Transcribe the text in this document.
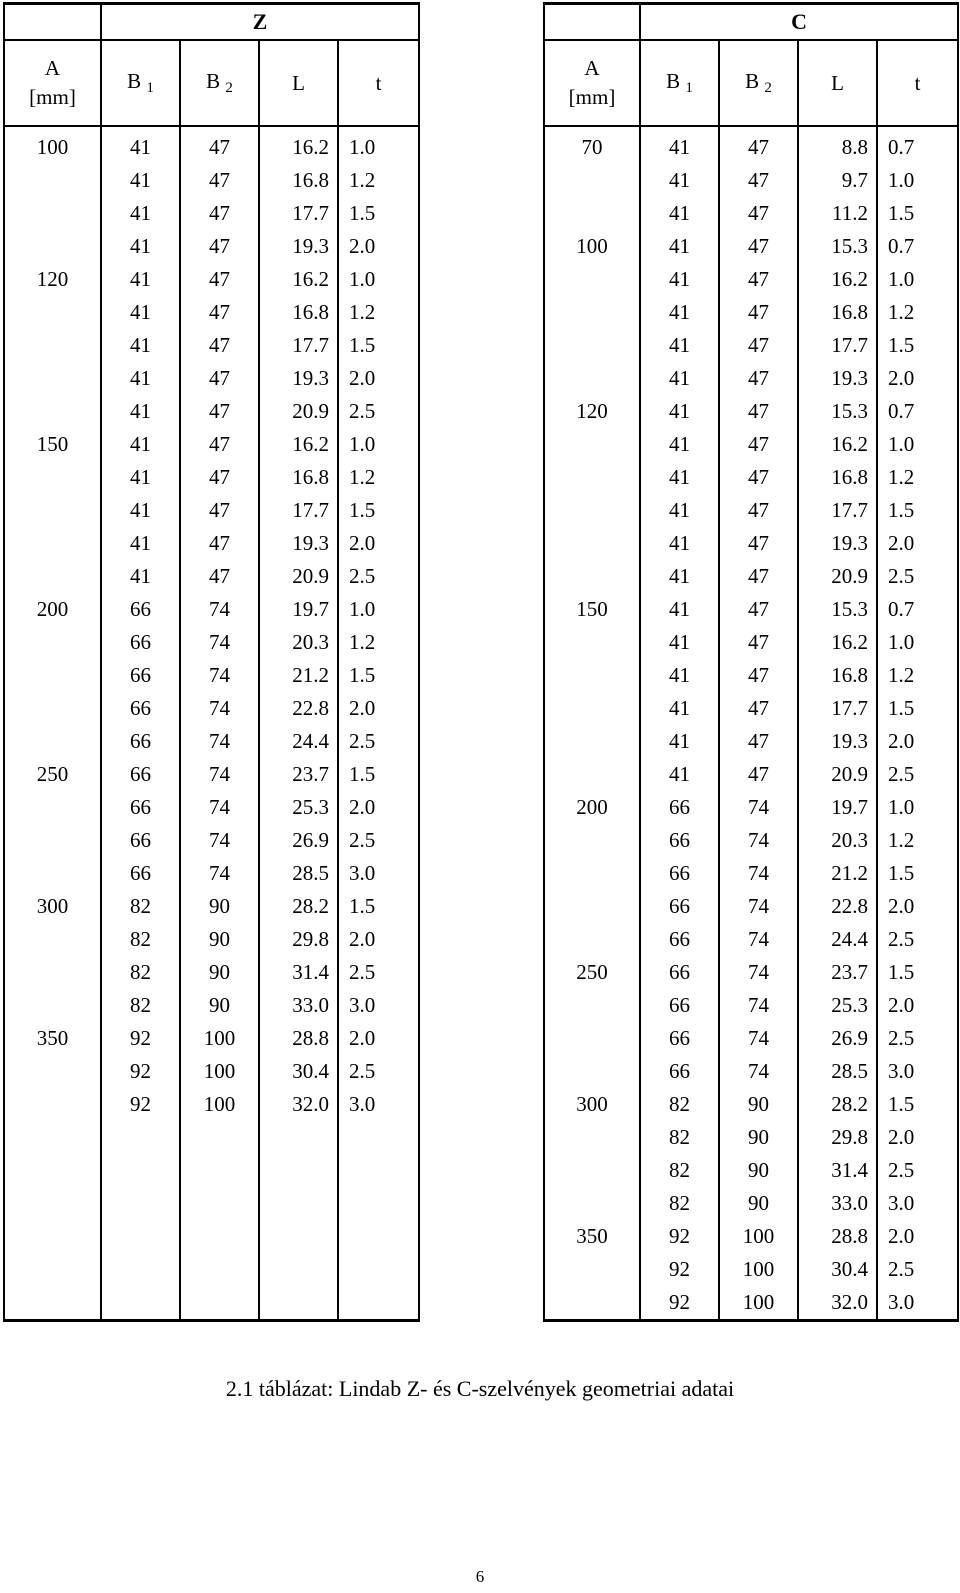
	Z			
A
[mm]	B $_1$	B $_2$	L	t

100	41	47	16.2	1.0
	41	47	16.8	1.2
	41	47	17.7	1.5
	41	47	19.3	2.0
120	41	47	16.2	1.0
	41	47	16.8	1.2
	41	47	17.7	1.5
	41	47	19.3	2.0
	41	47	20.9	2.5
150	41	47	16.2	1.0
	41	47	16.8	1.2
	41	47	17.7	1.5
	41	47	19.3	2.0
	41	47	20.9	2.5
200	66	74	19.7	1.0
	66	74	20.3	1.2
	66	74	21.2	1.5
	66	74	22.8	2.0
	66	74	24.4	2.5
250	66	74	23.7	1.5
	66	74	25.3	2.0
	66	74	26.9	2.5
	66	74	28.5	3.0
300	82	90	28.2	1.5
	82	90	29.8	2.0
	82	90	31.4	2.5
	82	90	33.0	3.0
350	92	100	28.8	2.0
	92	100	30.4	2.5
	92	100	32.0	3.0

	C			
A
[mm]	B $_1$	B $_2$	L	t

70	41	47	8.8	0.7
	41	47	9.7	1.0
	41	47	11.2	1.5
100	41	47	15.3	0.7
	41	47	16.2	1.0
	41	47	16.8	1.2
	41	47	17.7	1.5
	41	47	19.3	2.0
120	41	47	15.3	0.7
	41	47	16.2	1.0
	41	47	16.8	1.2
	41	47	17.7	1.5
	41	47	19.3	2.0
	41	47	20.9	2.5
150	41	47	15.3	0.7
	41	47	16.2	1.0
	41	47	16.8	1.2
	41	47	17.7	1.5
	41	47	19.3	2.0
	41	47	20.9	2.5
200	66	74	19.7	1.0
	66	74	20.3	1.2
	66	74	21.2	1.5
	66	74	22.8	2.0
	66	74	24.4	2.5
250	66	74	23.7	1.5
	66	74	25.3	2.0
	66	74	26.9	2.5
	66	74	28.5	3.0
300	82	90	28.2	1.5
	82	90	29.8	2.0
	82	90	31.4	2.5
	82	90	33.0	3.0
350	92	100	28.8	2.0
	92	100	30.4	2.5
	92	100	32.0	3.0
2.1 táblázat: Lindab Z- és C-szelvények geometriai adatai
6
